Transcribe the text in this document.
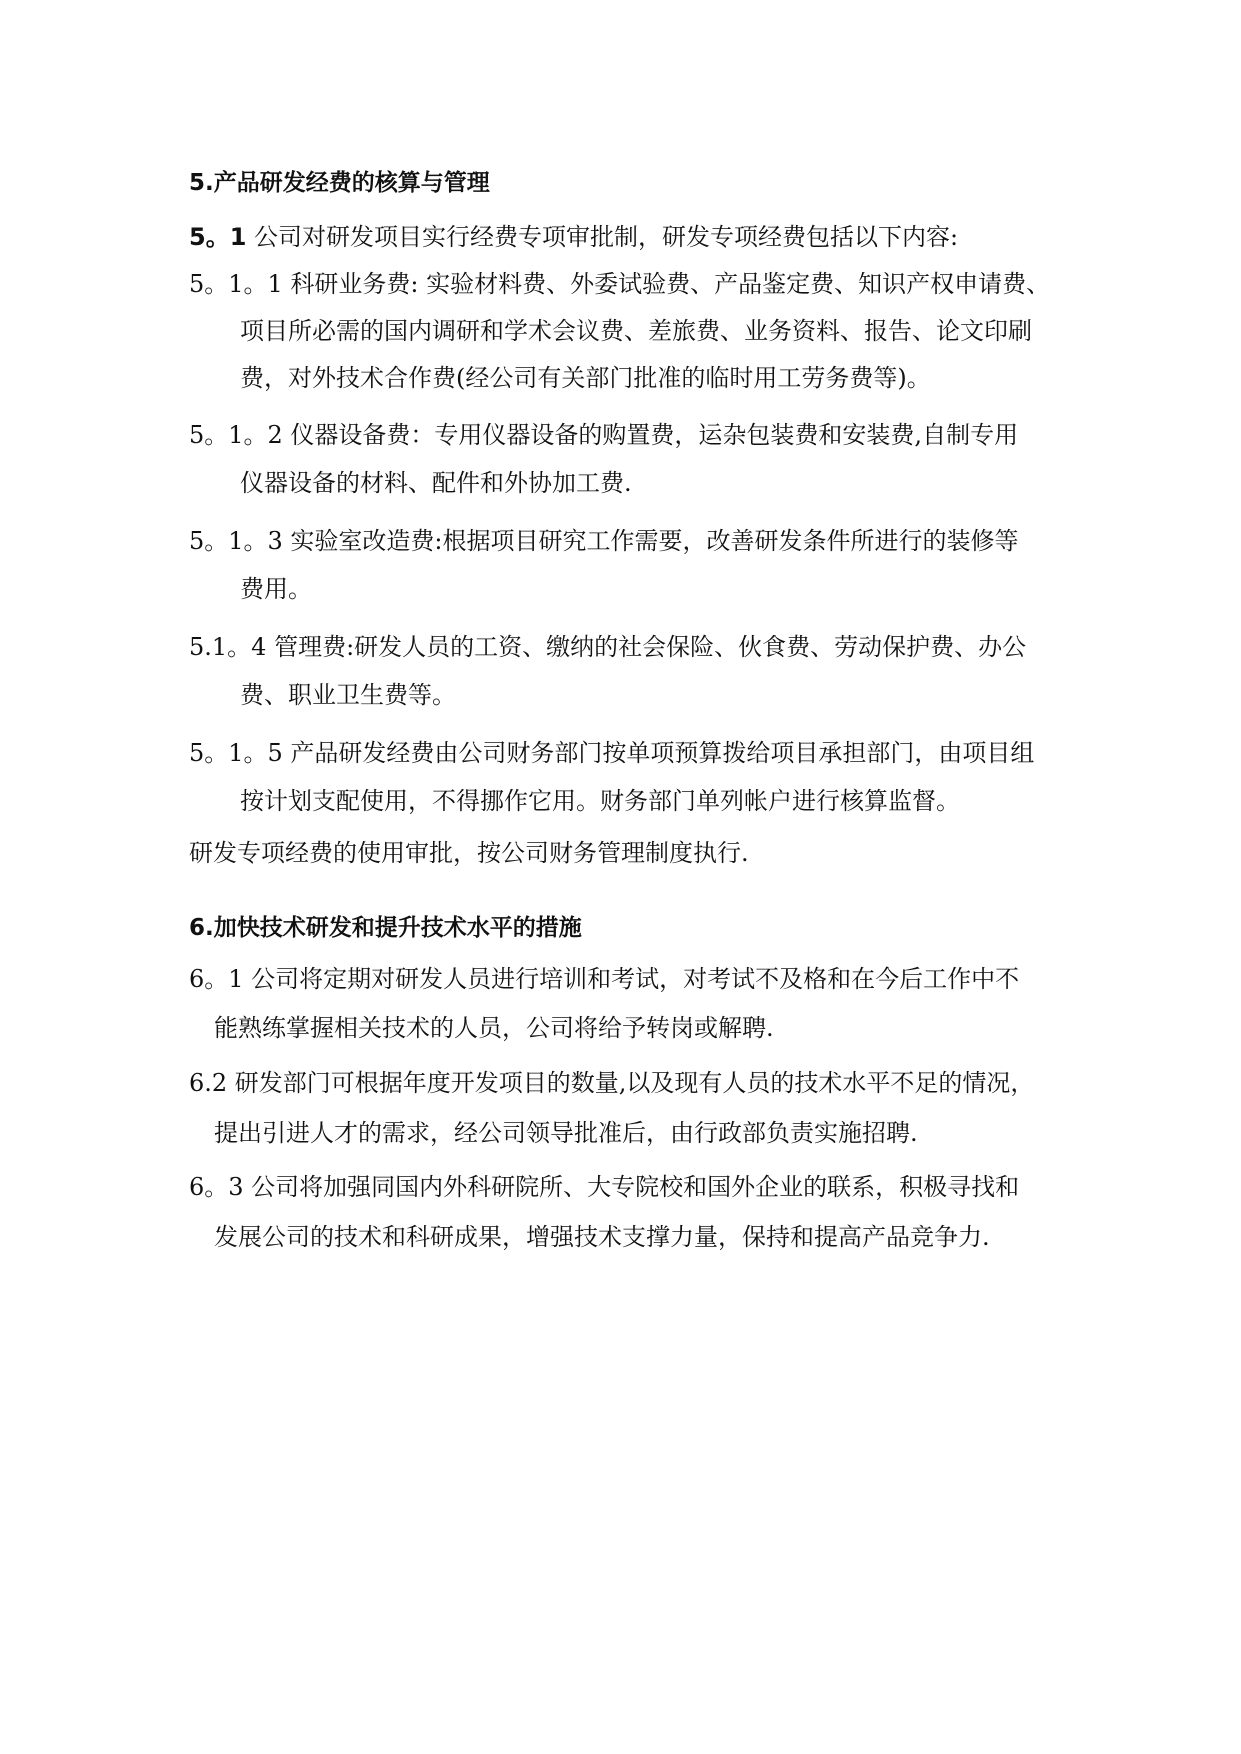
5.产品研发经费的核算与管理
5。1 公司对研发项目实行经费专项审批制，研发专项经费包括以下内容:
5。1。1 科研业务费: 实验材料费、外委试验费、产品鉴定费、知识产权申请费、
项目所必需的国内调研和学术会议费、差旅费、业务资料、报告、论文印刷
费，对外技术合作费(经公司有关部门批准的临时用工劳务费等)。
5。1。2 仪器设备费：专用仪器设备的购置费，运杂包装费和安装费,自制专用
仪器设备的材料、配件和外协加工费.
5。1。3 实验室改造费:根据项目研究工作需要，改善研发条件所进行的装修等
费用。
5.1。4 管理费:研发人员的工资、缴纳的社会保险、伙食费、劳动保护费、办公
费、职业卫生费等。
5。1。5 产品研发经费由公司财务部门按单项预算拨给项目承担部门，由项目组
按计划支配使用，不得挪作它用。财务部门单列帐户进行核算监督。
研发专项经费的使用审批，按公司财务管理制度执行.
6.加快技术研发和提升技术水平的措施
6。1 公司将定期对研发人员进行培训和考试，对考试不及格和在今后工作中不
能熟练掌握相关技术的人员，公司将给予转岗或解聘.
6.2 研发部门可根据年度开发项目的数量,以及现有人员的技术水平不足的情况，
提出引进人才的需求，经公司领导批准后，由行政部负责实施招聘.
6。3 公司将加强同国内外科研院所、大专院校和国外企业的联系，积极寻找和
发展公司的技术和科研成果，增强技术支撑力量，保持和提高产品竞争力.
